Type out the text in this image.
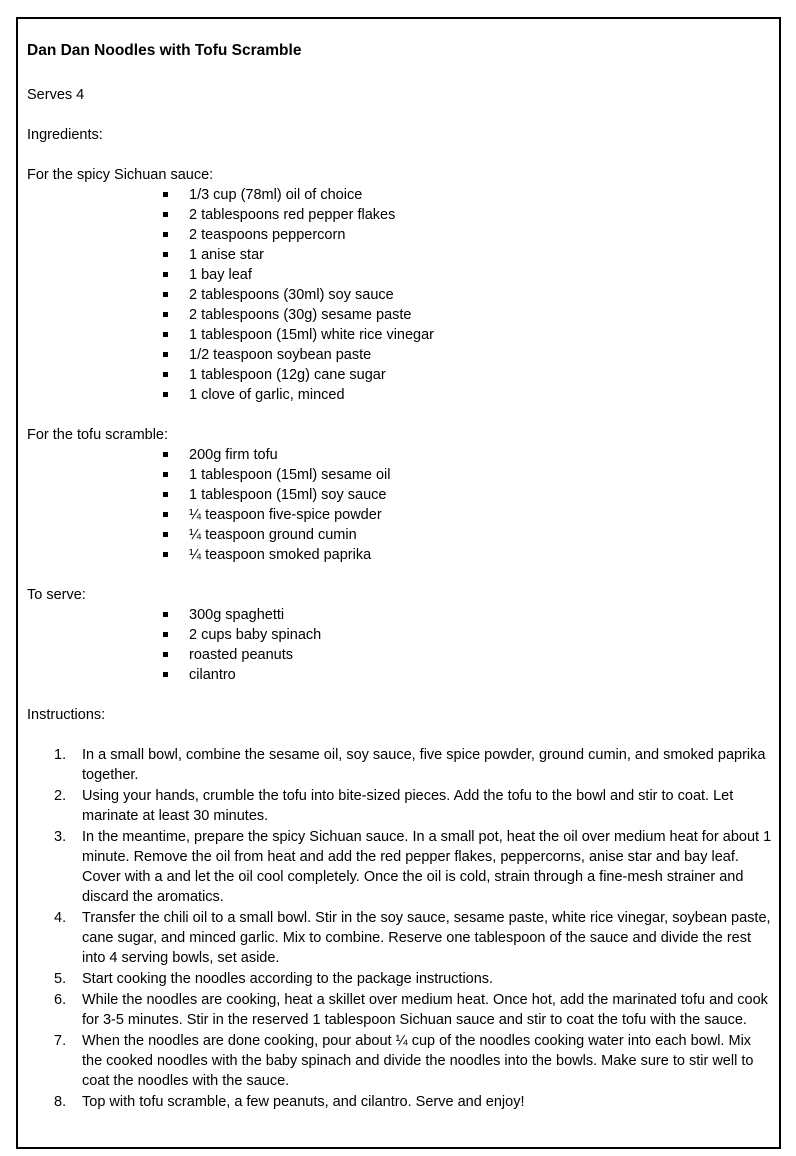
Dan Dan Noodles with Tofu Scramble
Serves 4
Ingredients:
For the spicy Sichuan sauce:
1/3 cup (78ml) oil of choice
2 tablespoons red pepper flakes
2 teaspoons peppercorn
1 anise star
1 bay leaf
2 tablespoons (30ml) soy sauce
2 tablespoons (30g) sesame paste
1 tablespoon (15ml) white rice vinegar
1/2 teaspoon soybean paste
1 tablespoon (12g) cane sugar
1 clove of garlic, minced
For the tofu scramble:
200g firm tofu
1 tablespoon (15ml) sesame oil
1 tablespoon (15ml) soy sauce
¼ teaspoon five-spice powder
¼ teaspoon ground cumin
¼ teaspoon smoked paprika
To serve:
300g spaghetti
2 cups baby spinach
roasted peanuts
cilantro
Instructions:
1.	In a small bowl, combine the sesame oil, soy sauce, five spice powder, ground cumin, and smoked paprika together.
2.	Using your hands, crumble the tofu into bite-sized pieces. Add the tofu to the bowl and stir to coat. Let marinate at least 30 minutes.
3.	In the meantime, prepare the spicy Sichuan sauce. In a small pot, heat the oil over medium heat for about 1 minute. Remove the oil from heat and add the red pepper flakes, peppercorns, anise star and bay leaf. Cover with a and let the oil cool completely. Once the oil is cold, strain through a fine-mesh strainer and discard the aromatics.
4.	Transfer the chili oil to a small bowl. Stir in the soy sauce, sesame paste, white rice vinegar, soybean paste, cane sugar, and minced garlic. Mix to combine. Reserve one tablespoon of the sauce and divide the rest into 4 serving bowls, set aside.
5.	Start cooking the noodles according to the package instructions.
6.	While the noodles are cooking, heat a skillet over medium heat. Once hot, add the marinated tofu and cook for 3-5 minutes. Stir in the reserved 1 tablespoon Sichuan sauce and stir to coat the tofu with the sauce.
7.	When the noodles are done cooking, pour about ¼ cup of the noodles cooking water into each bowl. Mix the cooked noodles with the baby spinach and divide the noodles into the bowls. Make sure to stir well to coat the noodles with the sauce.
8.	Top with tofu scramble, a few peanuts, and cilantro. Serve and enjoy!
